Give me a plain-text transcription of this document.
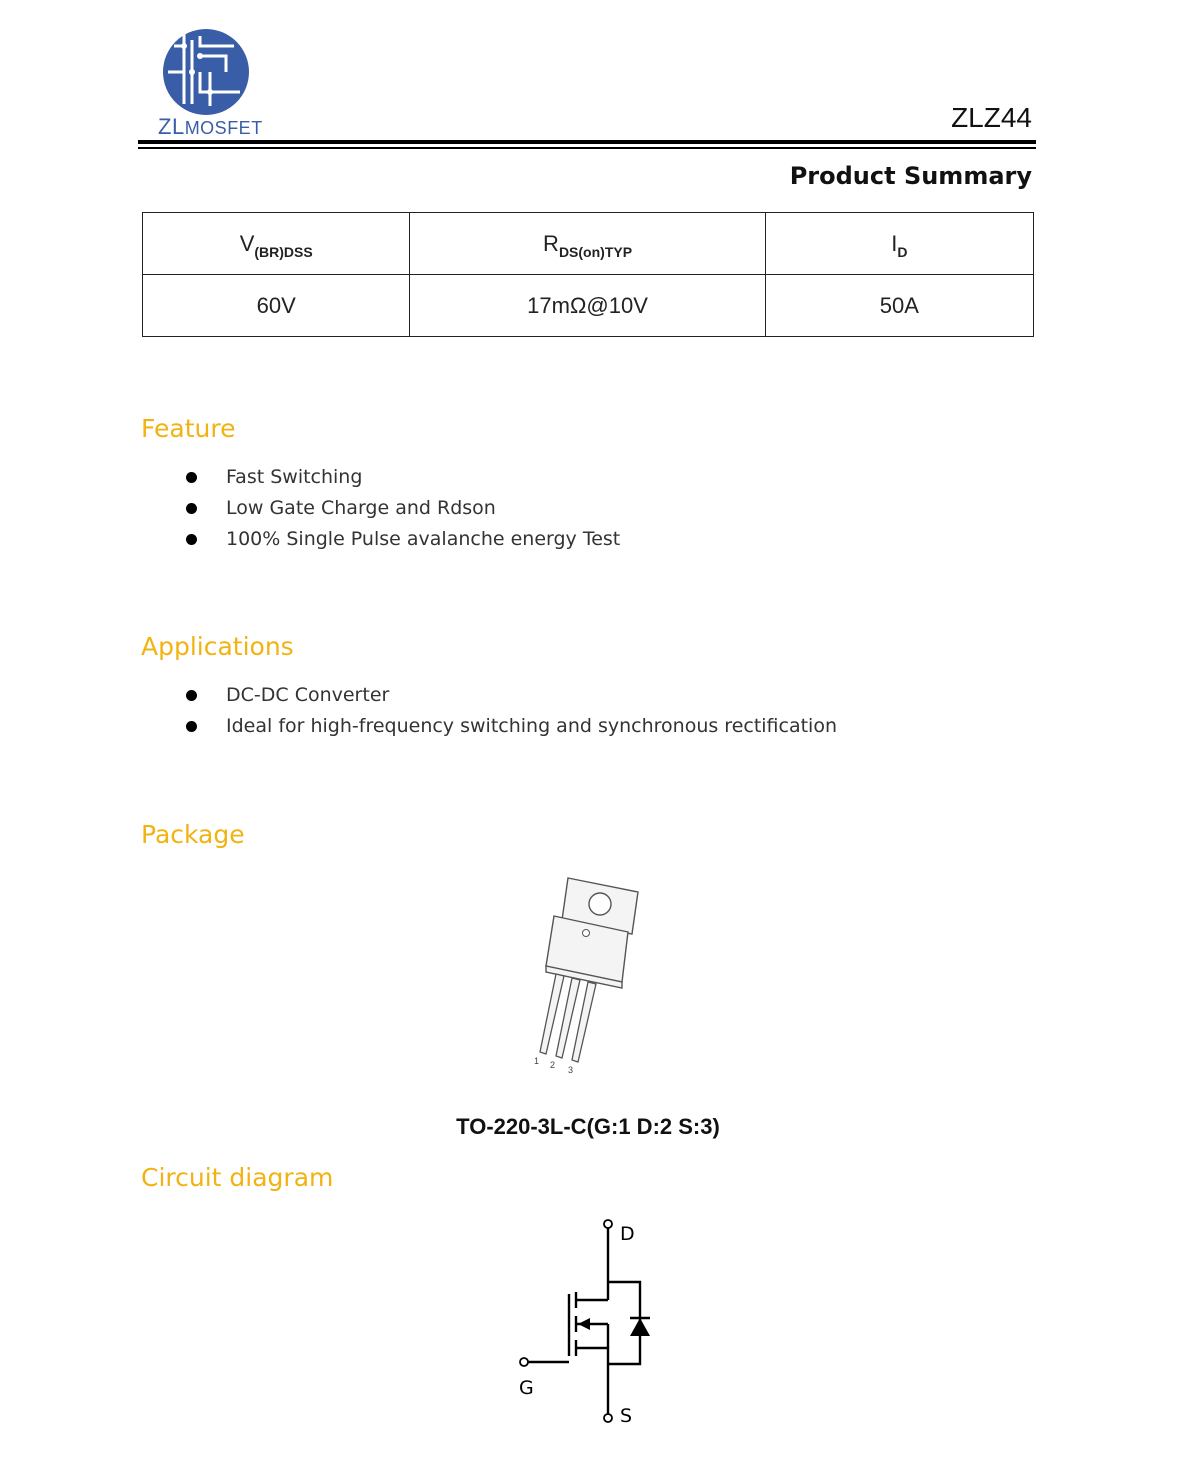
ZLMOSFET	ZLZ44
Product Summary
$V_{(BR)DSS}$	$R_{DS(on)TYP}$	$I_D$
60V	17mΩ@10V	50A
Feature
Fast Switching
Low Gate Charge and Rdson
100% Single Pulse avalanche energy Test
Applications
DC-DC Converter
Ideal for high-frequency switching and synchronous rectification
Package
1 2 3
TO-220-3L-C(G:1 D:2 S:3)
Circuit diagram
D
G
S
